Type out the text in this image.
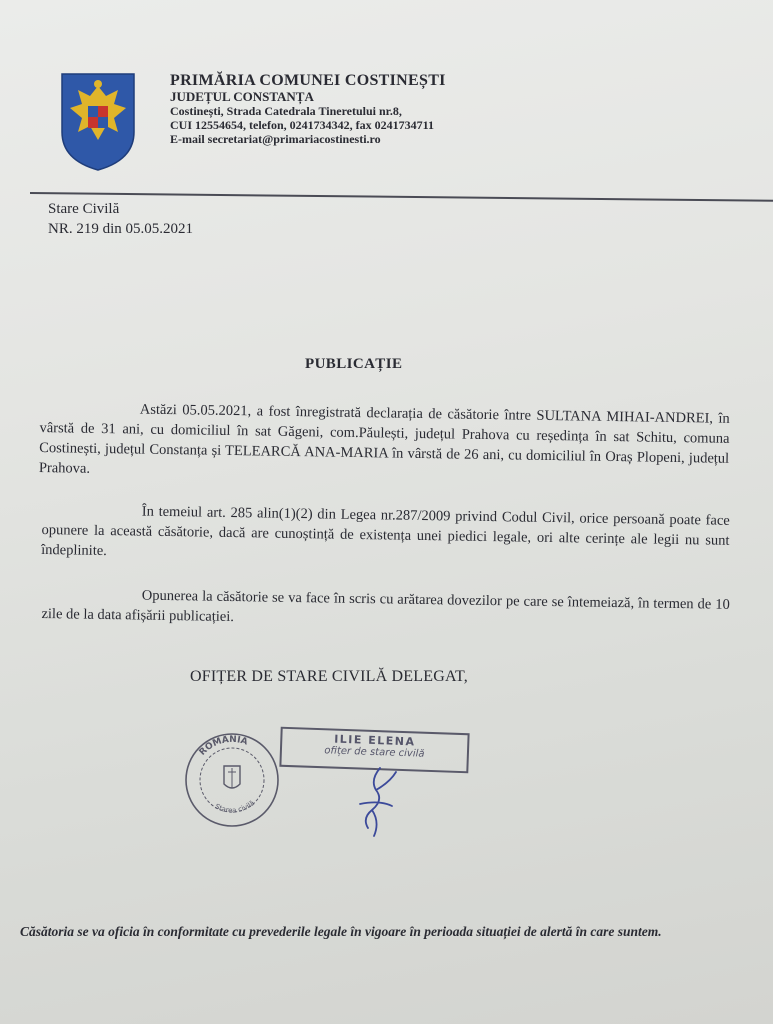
PRIMĂRIA COMUNEI COSTINEȘTI
JUDEȚUL CONSTANȚA
Costinești, Strada Catedrala Tineretului nr.8,
CUI 12554654, telefon, 0241734342, fax 0241734711
E-mail secretariat@primariacostinesti.ro
Stare Civilă
NR. 219 din 05.05.2021
PUBLICAȚIE
Astăzi 05.05.2021, a fost înregistrată declarația de căsătorie între SULTANA MIHAI-ANDREI, în vârstă de 31 ani, cu domiciliul în sat Găgeni, com.Păulești, județul Prahova cu reședința în sat Schitu, comuna Costinești, județul Constanța și TELEARCĂ ANA-MARIA în vârstă de 26 ani, cu domiciliul în Oraș Plopeni, județul Prahova.
În temeiul art. 285 alin(1)(2) din Legea nr.287/2009 privind Codul Civil, orice persoană poate face opunere la această căsătorie, dacă are cunoștință de existența unei piedici legale, ori alte cerințe ale legii nu sunt îndeplinite.
Opunerea la căsătorie se va face în scris cu arătarea dovezilor pe care se întemeiază, în termen de 10 zile de la data afișării publicației.
OFIȚER DE STARE CIVILĂ DELEGAT,
ROMÂNIA
Starea civilă
ILIE ELENA
ofițer de stare civilă
Căsătoria se va oficia în conformitate cu prevederile legale în vigoare în perioada situației de alertă în care suntem.
